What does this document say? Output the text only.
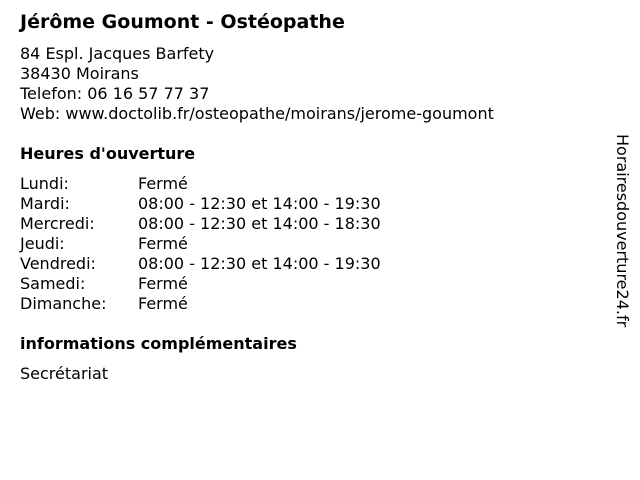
Jérôme Goumont - Ostéopathe
84 Espl. Jacques Barfety
38430 Moirans
Telefon: 06 16 57 77 37
Web: www.doctolib.fr/osteopathe/moirans/jerome-goumont
Heures d'ouverture
Lundi:	Fermé
Mardi:	08:00 - 12:30 et 14:00 - 19:30
Mercredi:	08:00 - 12:30 et 14:00 - 18:30
Jeudi:	Fermé
Vendredi:	08:00 - 12:30 et 14:00 - 19:30
Samedi:	Fermé
Dimanche: Fermé
informations complémentaires
Secrétariat
Horairesdouverture24.fr
